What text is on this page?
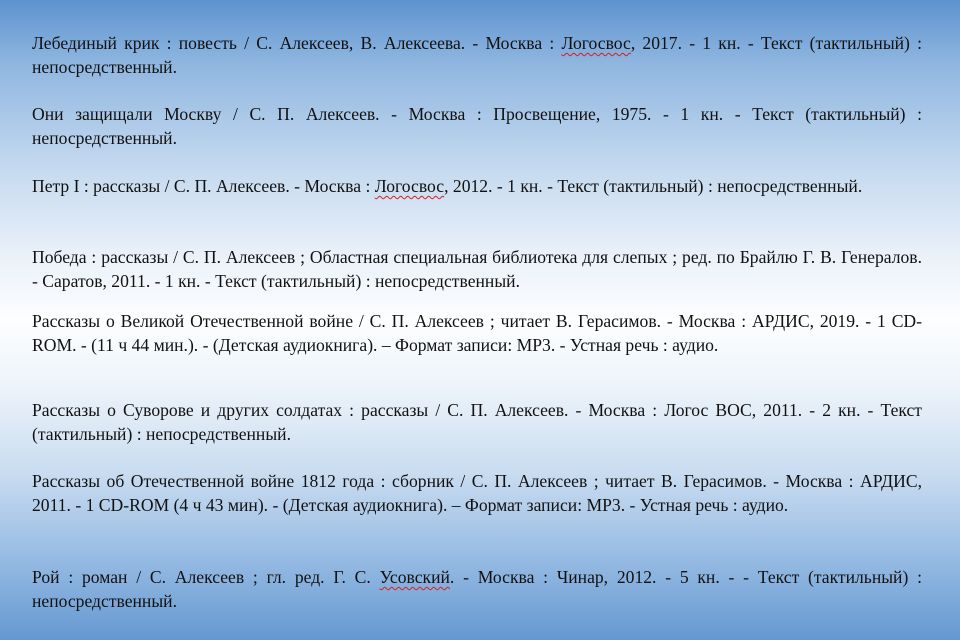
Лебединый крик : повесть / С. Алексеев, В. Алексеева. - Москва : Логосвос, 2017. - 1 кн. - Текст (тактильный) : непосредственный.

Они защищали Москву / С. П. Алексеев. - Москва : Просвещение, 1975. - 1 кн. - Текст (тактильный) : непосредственный.

Петр I : рассказы / С. П. Алексеев. - Москва : Логосвос, 2012. - 1 кн. - Текст (тактильный) : непосредственный.

Победа : рассказы / С. П. Алексеев ; Областная специальная библиотека для слепых ; ред. по Брайлю Г. В. Генералов. - Саратов, 2011. - 1 кн. - Текст (тактильный) : непосредственный.

Рассказы о Великой Отечественной войне / С. П. Алексеев ; читает В. Герасимов. - Москва : АРДИС, 2019. - 1 CD-ROM. - (11 ч 44 мин.). - (Детская аудиокнига). – Формат записи: MP3. - Устная речь : аудио.

Рассказы о Суворове и других солдатах : рассказы / С. П. Алексеев. - Москва : Логос ВОС, 2011. - 2 кн. - Текст (тактильный) : непосредственный.

Рассказы об Отечественной войне 1812 года : сборник / С. П. Алексеев ; читает В. Герасимов. - Москва : АРДИС, 2011. - 1 CD-ROM (4 ч 43 мин). - (Детская аудиокнига). – Формат записи: MP3. - Устная речь : аудио.

Рой : роман / С. Алексеев ; гл. ред. Г. С. Усовский. - Москва : Чинар, 2012. - 5 кн. - - Текст (тактильный) : непосредственный.
